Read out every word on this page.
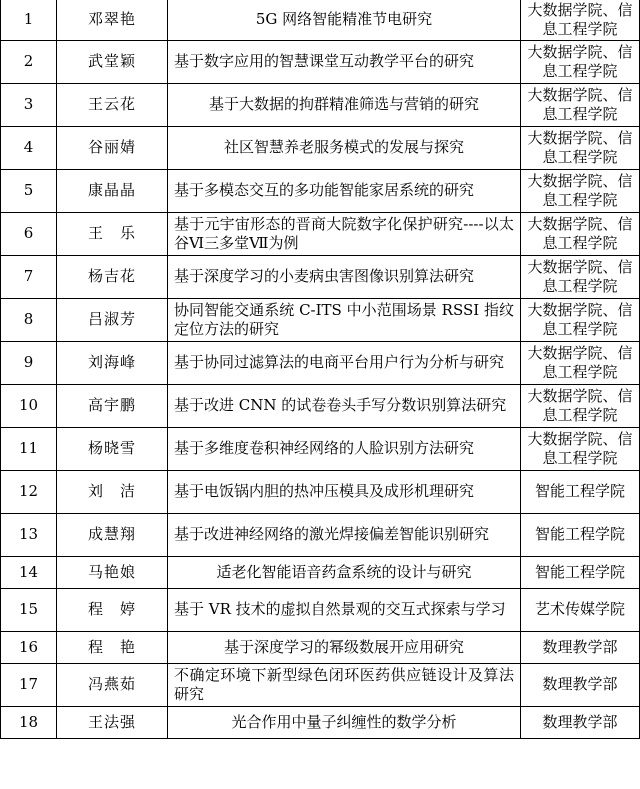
1	邓翠艳	5G 网络智能精准节电研究	大数据学院、信息工程学院
2	武堂颖	基于数字应用的智慧课堂互动教学平台的研究	大数据学院、信息工程学院
3	王云花	基于大数据的拘群精准筛选与营销的研究	大数据学院、信息工程学院
4	谷丽婧	社区智慧养老服务模式的发展与探究	大数据学院、信息工程学院
5	康晶晶	基于多模态交互的多功能智能家居系统的研究	大数据学院、信息工程学院
6	王　乐	基于元宇宙形态的晋商大院数字化保护研究----以太谷Ⅵ三多堂Ⅶ为例	大数据学院、信息工程学院
7	杨吉花	基于深度学习的小麦病虫害图像识别算法研究	大数据学院、信息工程学院
8	吕淑芳	协同智能交通系统 C-ITS 中小范围场景 RSSI 指纹定位方法的研究	大数据学院、信息工程学院
9	刘海峰	基于协同过滤算法的电商平台用户行为分析与研究	大数据学院、信息工程学院
10	高宇鹏	基于改进 CNN 的试卷卷头手写分数识别算法研究	大数据学院、信息工程学院
11	杨晓雪	基于多维度卷积神经网络的人脸识别方法研究	大数据学院、信息工程学院
12	刘　洁	基于电饭锅内胆的热冲压模具及成形机理研究	智能工程学院
13	成慧翔	基于改进神经网络的激光焊接偏差智能识别研究	智能工程学院
14	马艳娘	适老化智能语音药盒系统的设计与研究	智能工程学院
15	程　婷	基于 VR 技术的虚拟自然景观的交互式探索与学习	艺术传媒学院
16	程　艳	基于深度学习的幂级数展开应用研究	数理教学部
17	冯燕茹	不确定环境下新型绿色闭环医药供应链设计及算法研究	数理教学部
18	王法强	光合作用中量子纠缠性的数学分析	数理教学部
